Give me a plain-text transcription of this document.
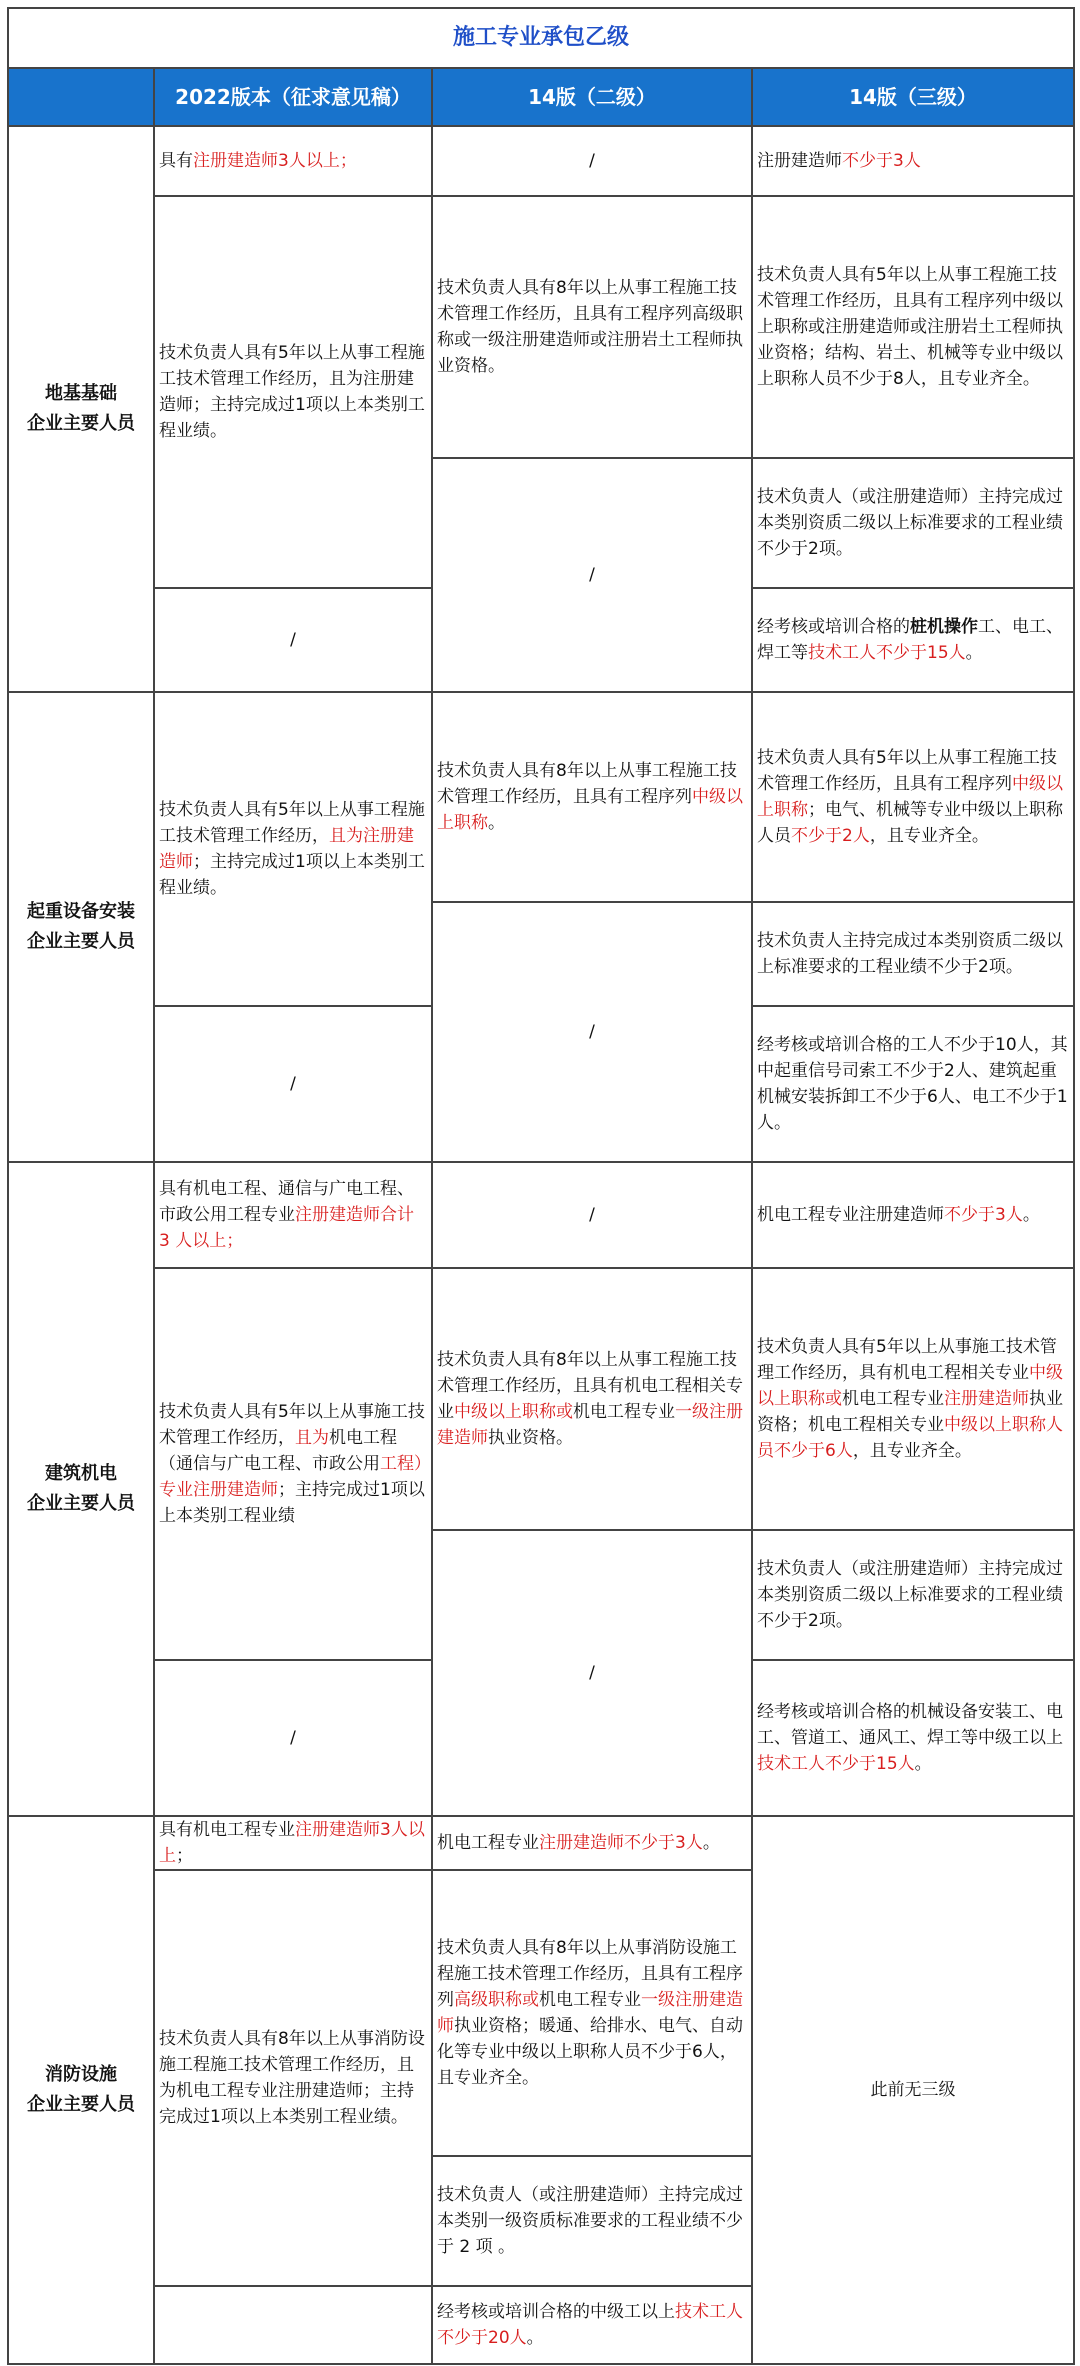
施工专业承包乙级			
	2022版本（征求意见稿）	14版（二级）	14版（三级）
地基基础
企业主要人员	具有注册建造师3人以上；	/	注册建造师不少于3人
	技术负责人具有5年以上从事工程施工技术管理工作经历，且为注册建造师；主持完成过1项以上本类别工程业绩。	技术负责人具有8年以上从事工程施工技术管理工作经历，且具有工程序列高级职称或一级注册建造师或注册岩土工程师执业资格。	技术负责人具有5年以上从事工程施工技术管理工作经历，且具有工程序列中级以上职称或注册建造师或注册岩土工程师执业资格；结构、岩土、机械等专业中级以上职称人员不少于8人，且专业齐全。
		/	技术负责人（或注册建造师）主持完成过本类别资质二级以上标准要求的工程业绩不少于2项。
	/		经考核或培训合格的桩机操作工、电工、焊工等技术工人不少于15人。
起重设备安装
企业主要人员	技术负责人具有5年以上从事工程施工技术管理工作经历，且为注册建造师；主持完成过1项以上本类别工程业绩。	技术负责人具有8年以上从事工程施工技术管理工作经历，且具有工程序列中级以上职称。	技术负责人具有5年以上从事工程施工技术管理工作经历，且具有工程序列中级以上职称；电气、机械等专业中级以上职称人员不少于2人，且专业齐全。
		/	技术负责人主持完成过本类别资质二级以上标准要求的工程业绩不少于2项。
	/		经考核或培训合格的工人不少于10人，其中起重信号司索工不少于2人、建筑起重机械安装拆卸工不少于6人、电工不少于1人。
建筑机电
企业主要人员	具有机电工程、通信与广电工程、市政公用工程专业注册建造师合计 3 人以上；	/	机电工程专业注册建造师不少于3人。
	技术负责人具有5年以上从事施工技术管理工作经历，且为机电工程（通信与广电工程、市政公用工程）专业注册建造师；主持完成过1项以上本类别工程业绩	技术负责人具有8年以上从事工程施工技术管理工作经历，且具有机电工程相关专业中级以上职称或机电工程专业一级注册建造师执业资格。	技术负责人具有5年以上从事施工技术管理工作经历，具有机电工程相关专业中级以上职称或机电工程专业注册建造师执业资格；机电工程相关专业中级以上职称人员不少于6人，且专业齐全。
		/	技术负责人（或注册建造师）主持完成过本类别资质二级以上标准要求的工程业绩不少于2项。
	/		经考核或培训合格的机械设备安装工、电工、管道工、通风工、焊工等中级工以上技术工人不少于15人。
消防设施
企业主要人员	具有机电工程专业注册建造师3人以上；	机电工程专业注册建造师不少于3人。	此前无三级
	技术负责人具有8年以上从事消防设施工程施工技术管理工作经历，且为机电工程专业注册建造师；主持完成过1项以上本类别工程业绩。	技术负责人具有8年以上从事消防设施工程施工技术管理工作经历，且具有工程序列高级职称或机电工程专业一级注册建造师执业资格；暖通、给排水、电气、自动化等专业中级以上职称人员不少于6人，且专业齐全。	
		技术负责人（或注册建造师）主持完成过本类别一级资质标准要求的工程业绩不少于 2 项 。	
		经考核或培训合格的中级工以上技术工人不少于20人。	
